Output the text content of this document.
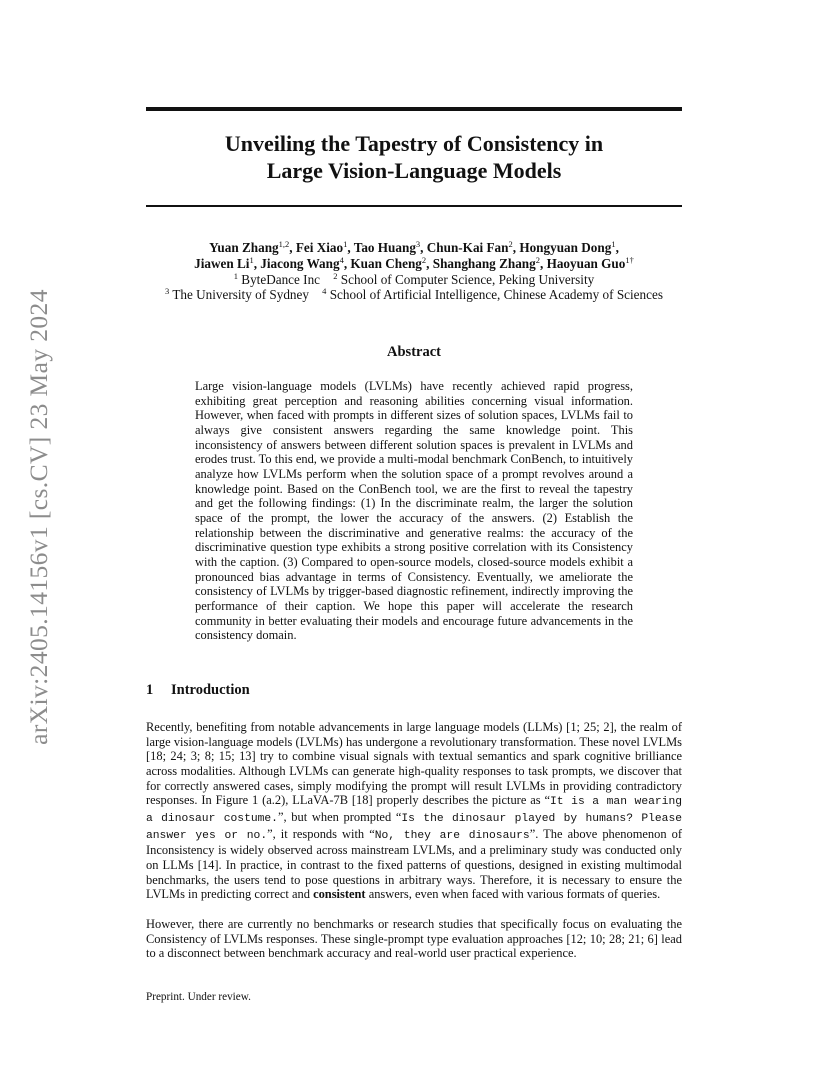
arXiv:2405.14156v1 [cs.CV] 23 May 2024
Unveiling the Tapestry of Consistency in
Large Vision-Language Models
Yuan Zhang$^{1,2}$, Fei Xiao$^1$, Tao Huang$^3$, Chun-Kai Fan$^2$, Hongyuan Dong$^1$,
Jiawen Li$^1$, Jiacong Wang$^4$, Kuan Cheng$^2$, Shanghang Zhang$^2$, Haoyuan Guo$^{1\dagger}$
$^1$ ByteDance Inc  $^2$ School of Computer Science, Peking University
$^3$ The University of Sydney  $^4$ School of Artificial Intelligence, Chinese Academy of Sciences
Abstract
Large vision-language models (LVLMs) have recently achieved rapid progress, exhibiting great perception and reasoning abilities concerning visual information. However, when faced with prompts in different sizes of solution spaces, LVLMs fail to always give consistent answers regarding the same knowledge point. This inconsistency of answers between different solution spaces is prevalent in LVLMs and erodes trust. To this end, we provide a multi-modal benchmark ConBench, to intuitively analyze how LVLMs perform when the solution space of a prompt revolves around a knowledge point. Based on the ConBench tool, we are the first to reveal the tapestry and get the following findings: (1) In the discriminate realm, the larger the solution space of the prompt, the lower the accuracy of the answers. (2) Establish the relationship between the discriminative and generative realms: the accuracy of the discriminative question type exhibits a strong positive correlation with its Consistency with the caption. (3) Compared to open-source models, closed-source models exhibit a pronounced bias advantage in terms of Consistency. Eventually, we ameliorate the consistency of LVLMs by trigger-based diagnostic refinement, indirectly improving the performance of their caption. We hope this paper will accelerate the research community in better evaluating their models and encourage future advancements in the consistency domain.
1 Introduction
Recently, benefiting from notable advancements in large language models (LLMs) [1; 25; 2], the realm of large vision-language models (LVLMs) has undergone a revolutionary transformation. These novel LVLMs [18; 24; 3; 8; 15; 13] try to combine visual signals with textual semantics and spark cognitive brilliance across modalities. Although LVLMs can generate high-quality responses to task prompts, we discover that for correctly answered cases, simply modifying the prompt will result LVLMs in providing contradictory responses. In Figure 1 (a.2), LLaVA-7B [18] properly describes the picture as “It is a man wearing a dinosaur costume.”, but when prompted “Is the dinosaur played by humans? Please answer yes or no.”, it responds with “No, they are dinosaurs”. The above phenomenon of Inconsistency is widely observed across mainstream LVLMs, and a preliminary study was conducted only on LLMs [14]. In practice, in contrast to the fixed patterns of questions, designed in existing multimodal benchmarks, the users tend to pose questions in arbitrary ways. Therefore, it is necessary to ensure the LVLMs in predicting correct and consistent answers, even when faced with various formats of queries.
However, there are currently no benchmarks or research studies that specifically focus on evaluating the Consistency of LVLMs responses. These single-prompt type evaluation approaches [12; 10; 28; 21; 6] lead to a disconnect between benchmark accuracy and real-world user practical experience.
Preprint. Under review.
